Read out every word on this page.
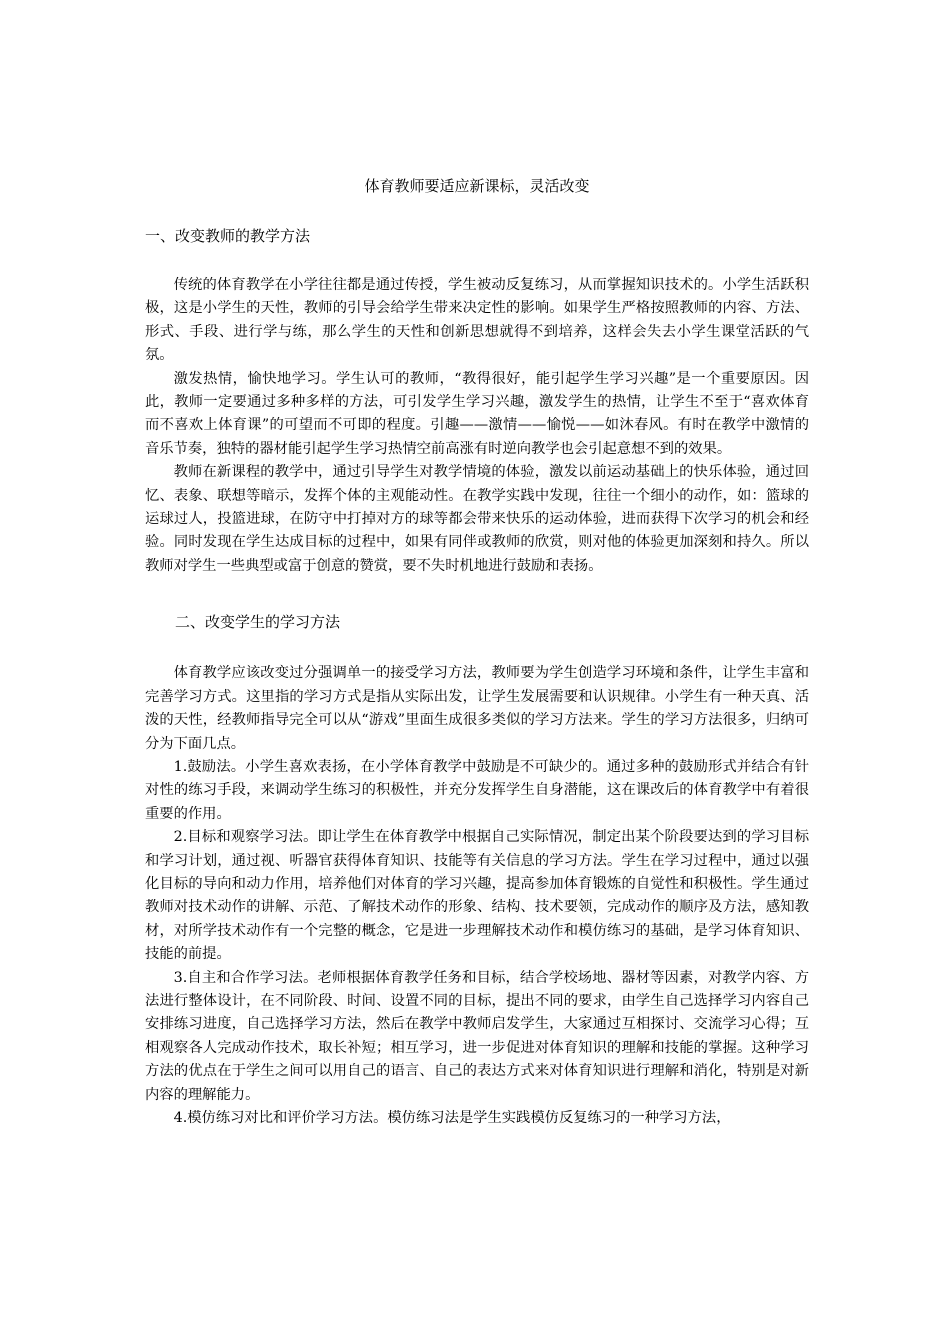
体育教师要适应新课标，灵活改变
一、改变教师的教学方法

传统的体育教学在小学往往都是通过传授，学生被动反复练习，从而掌握知识技术的。小学生活跃积极，这是小学生的天性，教师的引导会给学生带来决定性的影响。如果学生严格按照教师的内容、方法、形式、手段、进行学与练，那么学生的天性和创新思想就得不到培养，这样会失去小学生课堂活跃的气氛。

激发热情，愉快地学习。学生认可的教师，“教得很好，能引起学生学习兴趣”是一个重要原因。因此，教师一定要通过多种多样的方法，可引发学生学习兴趣，激发学生的热情，让学生不至于“喜欢体育而不喜欢上体育课”的可望而不可即的程度。引趣——激情——愉悦——如沐春风。有时在教学中激情的音乐节奏，独特的器材能引起学生学习热情空前高涨有时逆向教学也会引起意想不到的效果。

教师在新课程的教学中，通过引导学生对教学情境的体验，激发以前运动基础上的快乐体验，通过回忆、表象、联想等暗示，发挥个体的主观能动性。在教学实践中发现，往往一个细小的动作，如：篮球的运球过人，投篮进球，在防守中打掉对方的球等都会带来快乐的运动体验，进而获得下次学习的机会和经验。同时发现在学生达成目标的过程中，如果有同伴或教师的欣赏，则对他的体验更加深刻和持久。所以教师对学生一些典型或富于创意的赞赏，要不失时机地进行鼓励和表扬。

二、改变学生的学习方法

体育教学应该改变过分强调单一的接受学习方法，教师要为学生创造学习环境和条件，让学生丰富和完善学习方式。这里指的学习方式是指从实际出发，让学生发展需要和认识规律。小学生有一种天真、活泼的天性，经教师指导完全可以从“游戏”里面生成很多类似的学习方法来。学生的学习方法很多，归纳可分为下面几点。

1.鼓励法。小学生喜欢表扬，在小学体育教学中鼓励是不可缺少的。通过多种的鼓励形式并结合有针对性的练习手段，来调动学生练习的积极性，并充分发挥学生自身潜能，这在课改后的体育教学中有着很重要的作用。

2.目标和观察学习法。即让学生在体育教学中根据自己实际情况，制定出某个阶段要达到的学习目标和学习计划，通过视、听器官获得体育知识、技能等有关信息的学习方法。学生在学习过程中，通过以强化目标的导向和动力作用，培养他们对体育的学习兴趣，提高参加体育锻炼的自觉性和积极性。学生通过教师对技术动作的讲解、示范、了解技术动作的形象、结构、技术要领，完成动作的顺序及方法，感知教材，对所学技术动作有一个完整的概念，它是进一步理解技术动作和模仿练习的基础，是学习体育知识、技能的前提。

3.自主和合作学习法。老师根据体育教学任务和目标，结合学校场地、器材等因素，对教学内容、方法进行整体设计，在不同阶段、时间、设置不同的目标，提出不同的要求，由学生自己选择学习内容自己安排练习进度，自己选择学习方法，然后在教学中教师启发学生，大家通过互相探讨、交流学习心得；互相观察各人完成动作技术，取长补短；相互学习，进一步促进对体育知识的理解和技能的掌握。这种学习方法的优点在于学生之间可以用自己的语言、自己的表达方式来对体育知识进行理解和消化，特别是对新内容的理解能力。

4.模仿练习对比和评价学习方法。模仿练习法是学生实践模仿反复练习的一种学习方法，
